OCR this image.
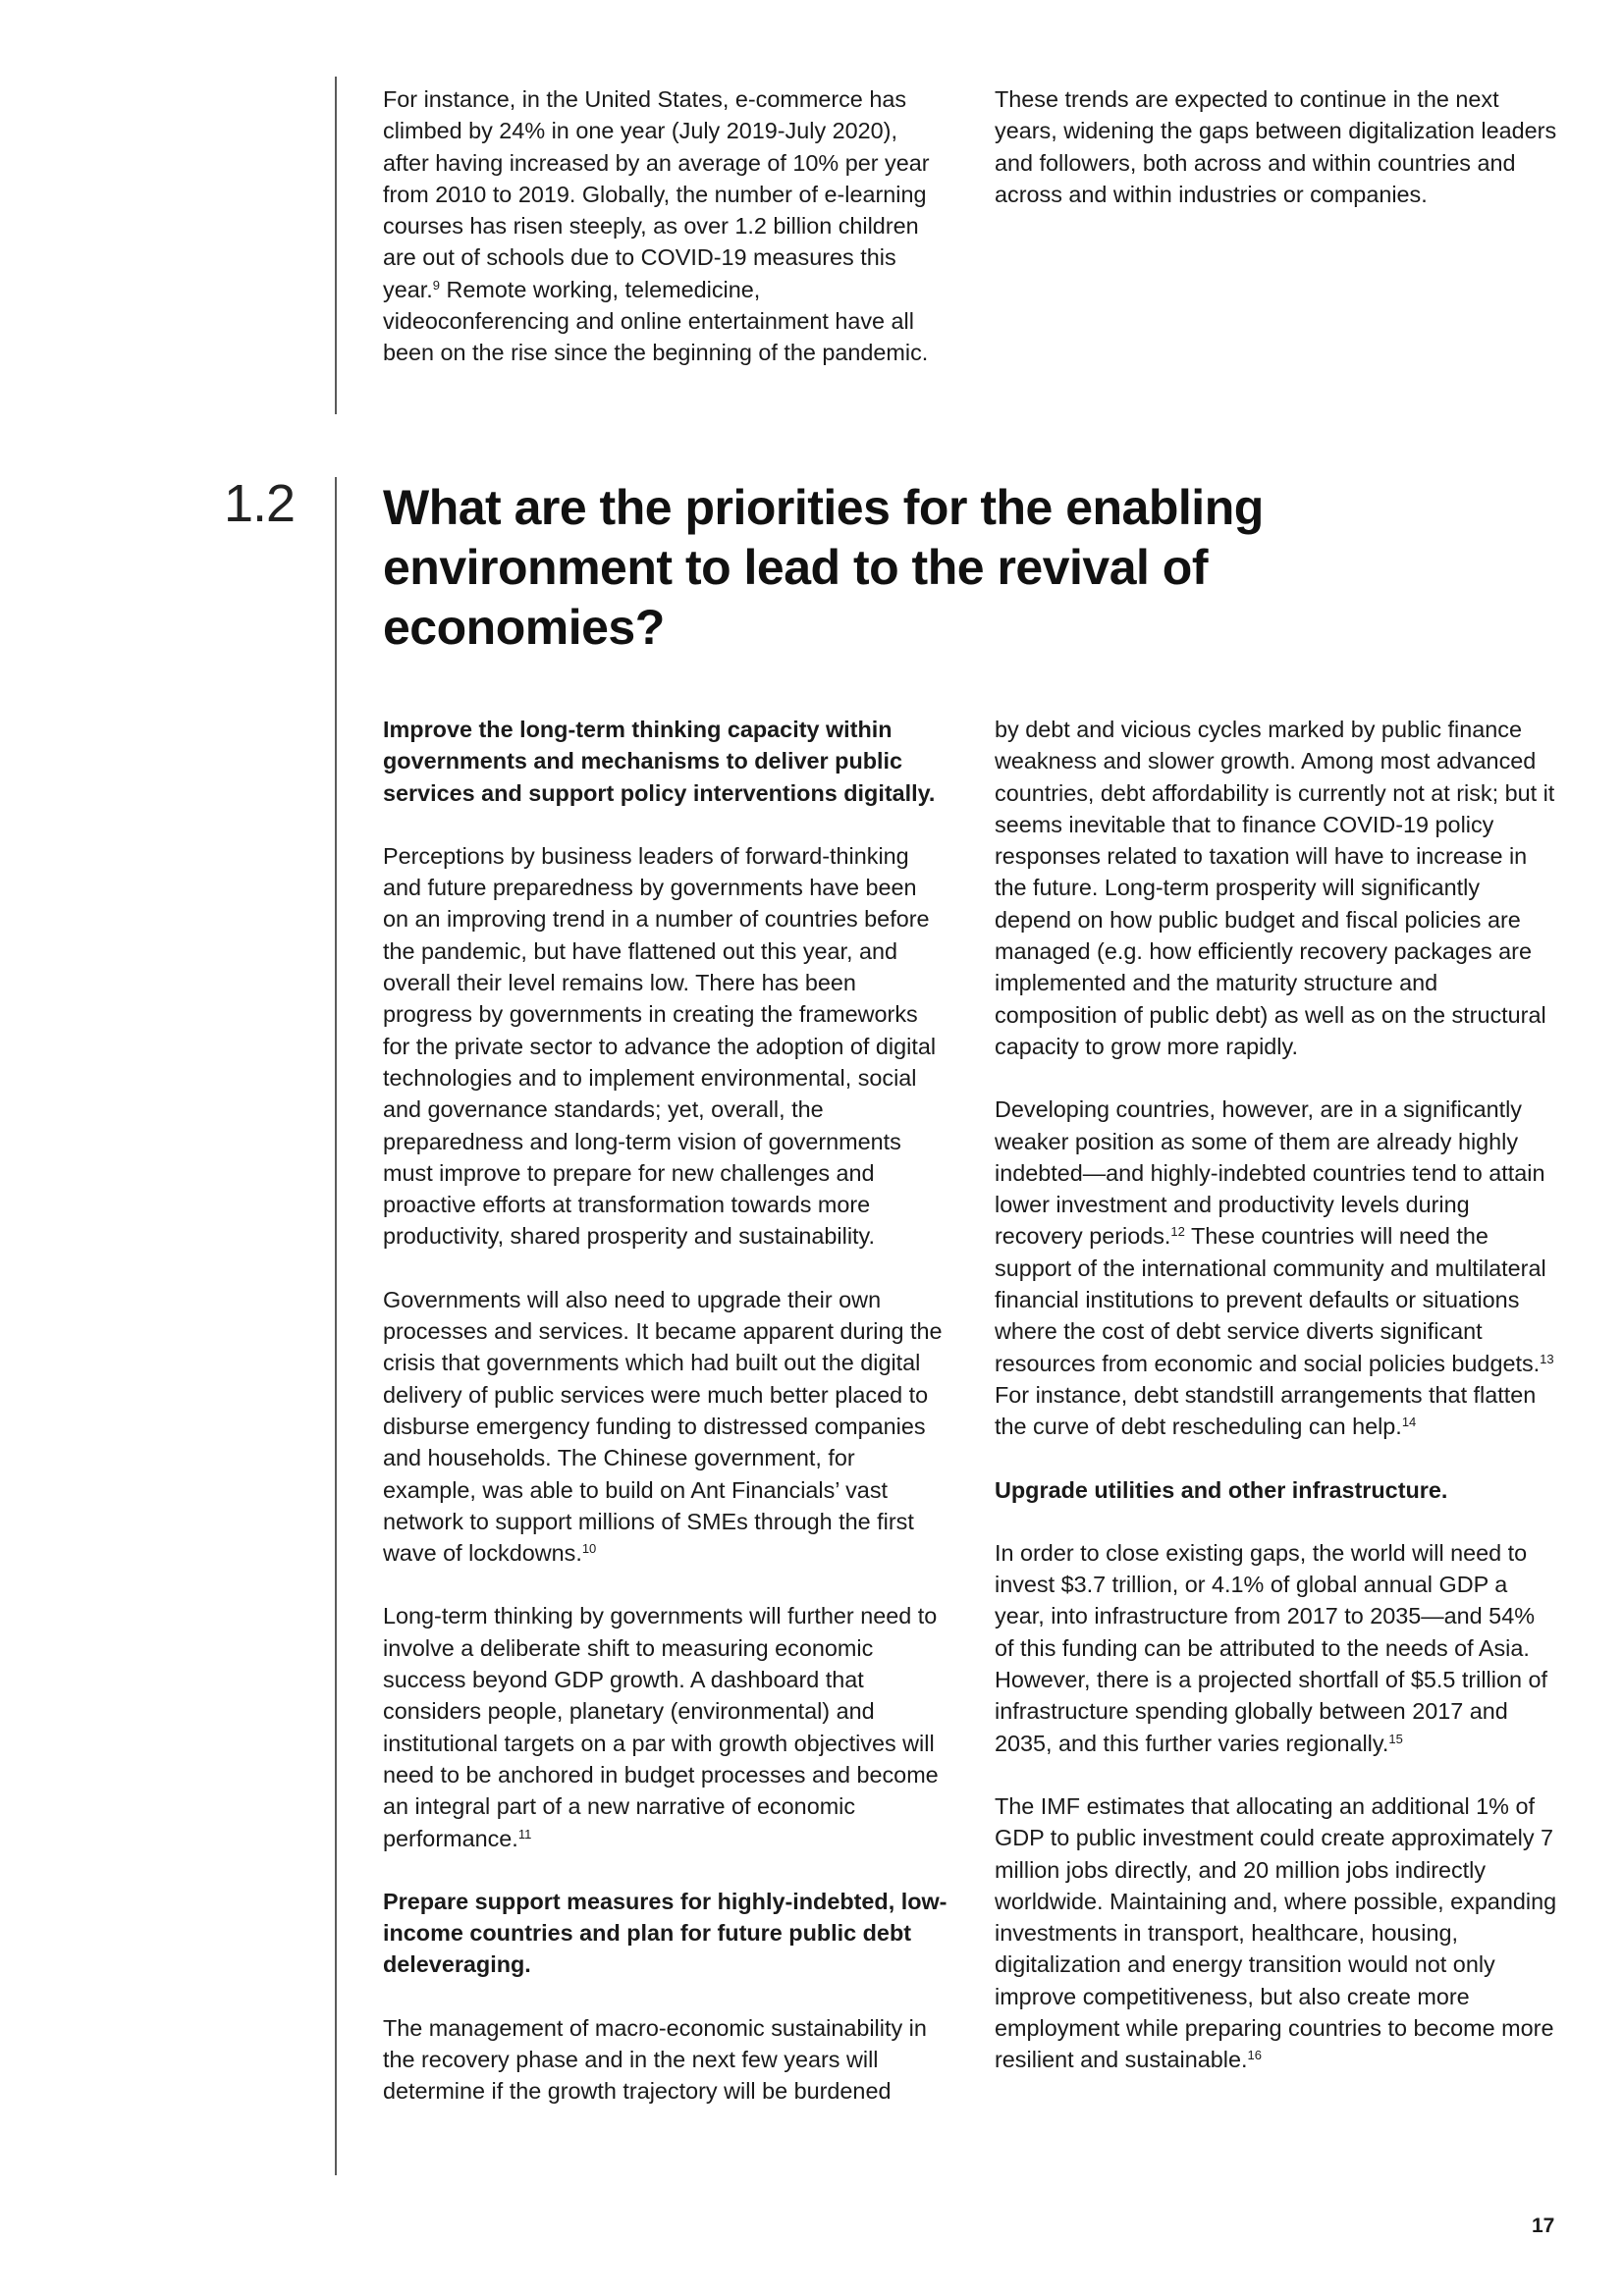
For instance, in the United States, e-commerce has climbed by 24% in one year (July 2019-July 2020), after having increased by an average of 10% per year from 2010 to 2019. Globally, the number of e-learning courses has risen steeply, as over 1.2 billion children are out of schools due to COVID-19 measures this year.$^9$ Remote working, telemedicine, videoconferencing and online entertainment have all been on the rise since the beginning of the pandemic.

These trends are expected to continue in the next years, widening the gaps between digitalization leaders and followers, both across and within countries and across and within industries or companies.

1.2 What are the priorities for the enabling environment to lead to the revival of economies?

Improve the long-term thinking capacity within governments and mechanisms to deliver public services and support policy interventions digitally.

Perceptions by business leaders of forward-thinking and future preparedness by governments have been on an improving trend in a number of countries before the pandemic, but have flattened out this year, and overall their level remains low. There has been progress by governments in creating the frameworks for the private sector to advance the adoption of digital technologies and to implement environmental, social and governance standards; yet, overall, the preparedness and long-term vision of governments must improve to prepare for new challenges and proactive efforts at transformation towards more productivity, shared prosperity and sustainability.

Governments will also need to upgrade their own processes and services. It became apparent during the crisis that governments which had built out the digital delivery of public services were much better placed to disburse emergency funding to distressed companies and households. The Chinese government, for example, was able to build on Ant Financials’ vast network to support millions of SMEs through the first wave of lockdowns.$^{10}$

Long-term thinking by governments will further need to involve a deliberate shift to measuring economic success beyond GDP growth. A dashboard that considers people, planetary (environmental) and institutional targets on a par with growth objectives will need to be anchored in budget processes and become an integral part of a new narrative of economic performance.$^{11}$

Prepare support measures for highly-indebted, low-income countries and plan for future public debt deleveraging.

The management of macro-economic sustainability in the recovery phase and in the next few years will determine if the growth trajectory will be burdened

by debt and vicious cycles marked by public finance weakness and slower growth. Among most advanced countries, debt affordability is currently not at risk; but it seems inevitable that to finance COVID-19 policy responses related to taxation will have to increase in the future. Long-term prosperity will significantly depend on how public budget and fiscal policies are managed (e.g. how efficiently recovery packages are implemented and the maturity structure and composition of public debt) as well as on the structural capacity to grow more rapidly.

Developing countries, however, are in a significantly weaker position as some of them are already highly indebted—and highly-indebted countries tend to attain lower investment and productivity levels during recovery periods.$^{12}$ These countries will need the support of the international community and multilateral financial institutions to prevent defaults or situations where the cost of debt service diverts significant resources from economic and social policies budgets.$^{13}$ For instance, debt standstill arrangements that flatten the curve of debt rescheduling can help.$^{14}$

Upgrade utilities and other infrastructure.

In order to close existing gaps, the world will need to invest $3.7 trillion, or 4.1% of global annual GDP a year, into infrastructure from 2017 to 2035—and 54% of this funding can be attributed to the needs of Asia. However, there is a projected shortfall of $5.5 trillion of infrastructure spending globally between 2017 and 2035, and this further varies regionally.$^{15}$

The IMF estimates that allocating an additional 1% of GDP to public investment could create approximately 7 million jobs directly, and 20 million jobs indirectly worldwide. Maintaining and, where possible, expanding investments in transport, healthcare, housing, digitalization and energy transition would not only improve competitiveness, but also create more employment while preparing countries to become more resilient and sustainable.$^{16}$

17
